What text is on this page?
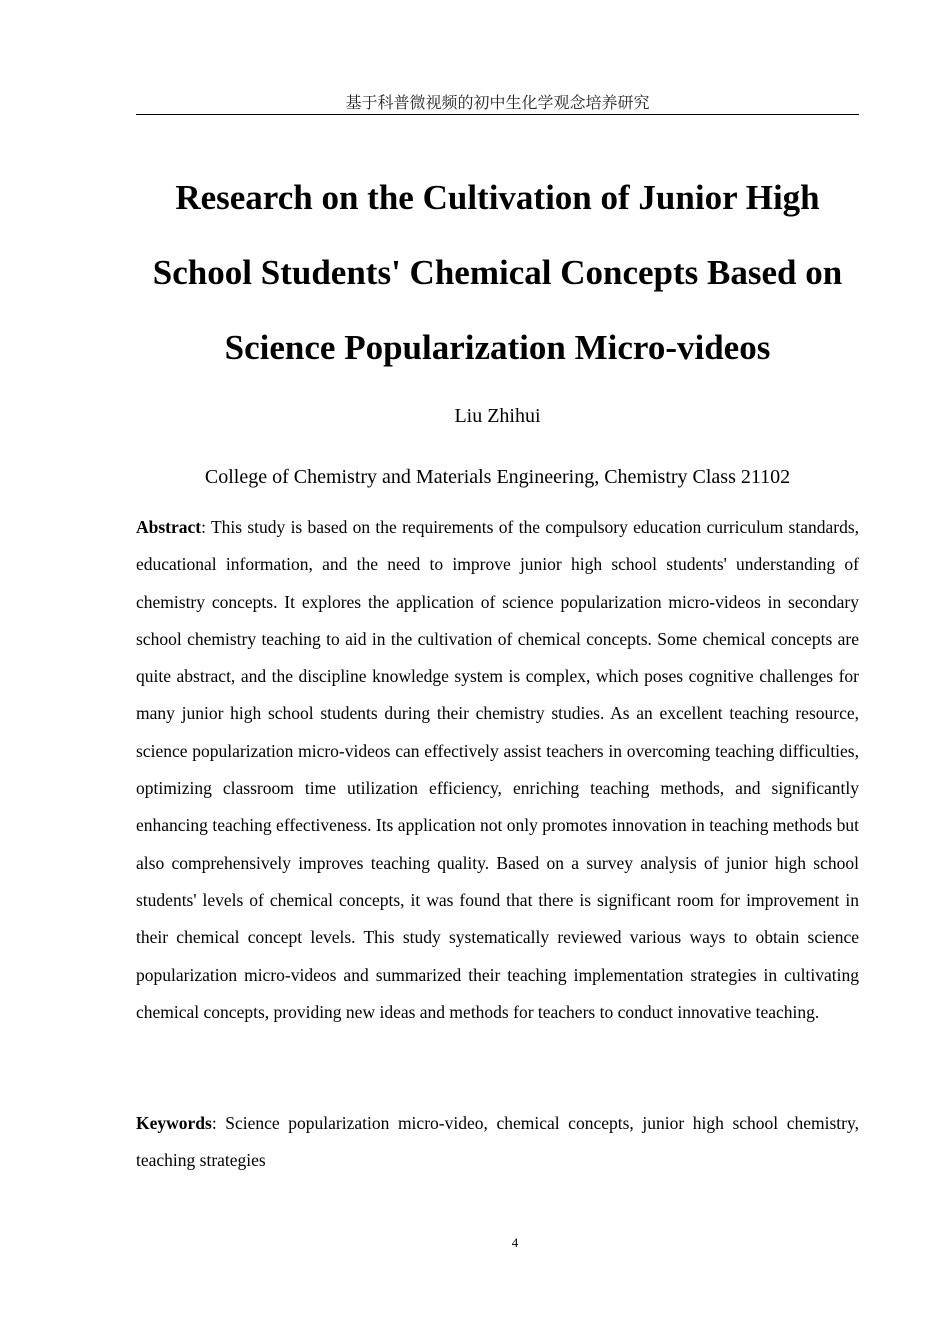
基于科普微视频的初中生化学观念培养研究
Research on the Cultivation of Junior High
School Students' Chemical Concepts Based on
Science Popularization Micro-videos
Liu Zhihui
College of Chemistry and Materials Engineering, Chemistry Class 21102

Abstract: This study is based on the requirements of the compulsory education curriculum standards, educational information, and the need to improve junior high school students' understanding of chemistry concepts. It explores the application of science popularization micro-videos in secondary school chemistry teaching to aid in the cultivation of chemical concepts. Some chemical concepts are quite abstract, and the discipline knowledge system is complex, which poses cognitive challenges for many junior high school students during their chemistry studies. As an excellent teaching resource, science popularization micro-videos can effectively assist teachers in overcoming teaching difficulties, optimizing classroom time utilization efficiency, enriching teaching methods, and significantly enhancing teaching effectiveness. Its application not only promotes innovation in teaching methods but also comprehensively improves teaching quality. Based on a survey analysis of junior high school students' levels of chemical concepts, it was found that there is significant room for improvement in their chemical concept levels. This study systematically reviewed various ways to obtain science popularization micro-videos and summarized their teaching implementation strategies in cultivating chemical concepts, providing new ideas and methods for teachers to conduct innovative teaching.

Keywords: Science popularization micro-video, chemical concepts, junior high school chemistry, teaching strategies

4
